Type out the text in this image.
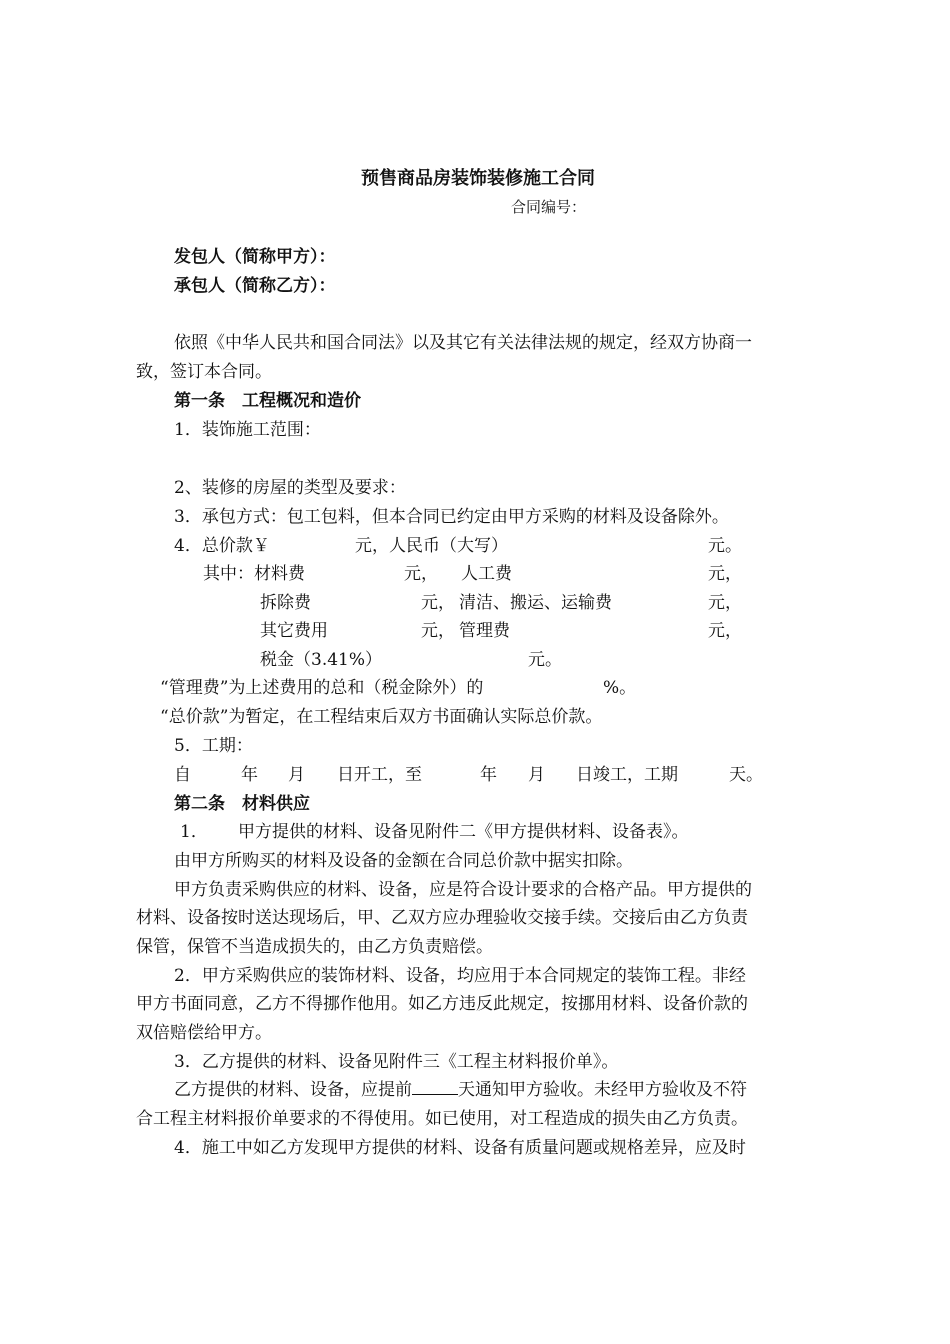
预售商品房装饰装修施工合同
合同编号：
发包人（简称甲方）：
承包人（简称乙方）：
依照《中华人民共和国合同法》以及其它有关法律法规的规定，经双方协商一
致，签订本合同。
第一条　工程概况和造价
1．装饰施工范围：
2、装修的房屋的类型及要求：
3．承包方式：包工包料，但本合同已约定由甲方采购的材料及设备除外。
4．总价款￥	元，人民币（大写）	元。
其中：材料费	元， 人工费	元，
拆除费	元， 清洁、搬运、运输费	元，
其它费用	元， 管理费	元，
税金（3.41%）	元。
“管理费”为上述费用的总和（税金除外）的	%。
“总价款”为暂定，在工程结束后双方书面确认实际总价款。
5．工期：
自	年 月 日开工，至	年 月 日竣工，工期	天。
第二条　材料供应
1． 甲方提供的材料、设备见附件二《甲方提供材料、设备表》。
由甲方所购买的材料及设备的金额在合同总价款中据实扣除。
甲方负责采购供应的材料、设备，应是符合设计要求的合格产品。甲方提供的
材料、设备按时送达现场后，甲、乙双方应办理验收交接手续。交接后由乙方负责
保管，保管不当造成损失的，由乙方负责赔偿。
2．甲方采购供应的装饰材料、设备，均应用于本合同规定的装饰工程。非经
甲方书面同意，乙方不得挪作他用。如乙方违反此规定，按挪用材料、设备价款的
双倍赔偿给甲方。
3．乙方提供的材料、设备见附件三《工程主材料报价单》。
乙方提供的材料、设备，应提前	天通知甲方验收。未经甲方验收及不符
合工程主材料报价单要求的不得使用。如已使用，对工程造成的损失由乙方负责。
4．施工中如乙方发现甲方提供的材料、设备有质量问题或规格差异，应及时
